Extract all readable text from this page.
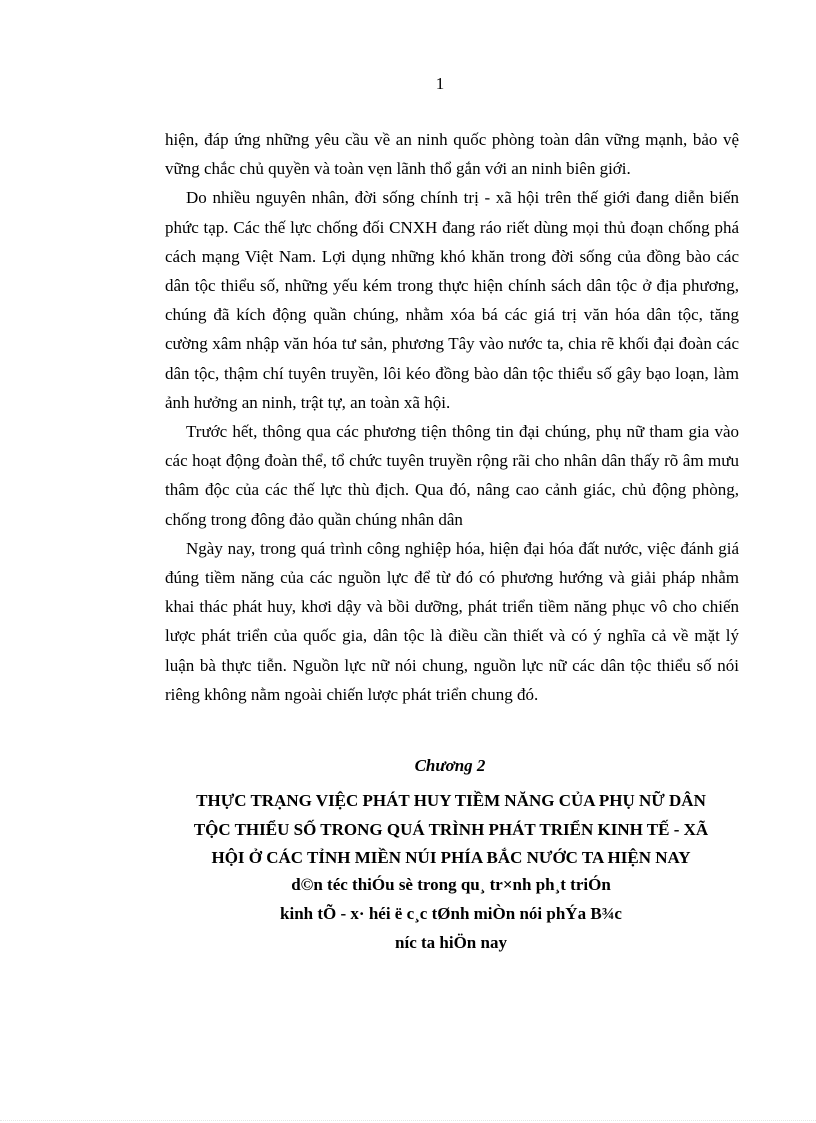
1

hiện, đáp ứng những yêu cầu về an ninh quốc phòng toàn dân vững mạnh, bảo vệ vững chắc chủ quyền và toàn vẹn lãnh thổ gắn với an ninh biên giới.

Do nhiều nguyên nhân, đời sống chính trị - xã hội trên thế giới đang diễn biến phức tạp. Các thế lực chống đối CNXH đang ráo riết dùng mọi thủ đoạn chống phá cách mạng Việt Nam. Lợi dụng những khó khăn trong đời sống của đồng bào các dân tộc thiểu số, những yếu kém trong thực hiện chính sách dân tộc ở địa phương, chúng đã kích động quần chúng, nhằm xóa bá các giá trị văn hóa dân tộc, tăng cường xâm nhập văn hóa tư sản, phương Tây vào nước ta, chia rẽ khối đại đoàn các dân tộc, thậm chí tuyên truyền, lôi kéo đồng bào dân tộc thiểu số gây bạo loạn, làm ảnh hưởng an ninh, trật tự, an toàn xã hội.

Trước hết, thông qua các phương tiện thông tin đại chúng, phụ nữ tham gia vào các hoạt động đoàn thể, tổ chức tuyên truyền rộng rãi cho nhân dân thấy rõ âm mưu thâm độc của các thế lực thù địch. Qua đó, nâng cao cảnh giác, chủ động phòng, chống trong đông đảo quần chúng nhân dân

Ngày nay, trong quá trình công nghiệp hóa, hiện đại hóa đất nước, việc đánh giá đúng tiềm năng của các nguồn lực để từ đó có phương hướng và giải pháp nhằm khai thác phát huy, khơi dậy và bồi dưỡng, phát triển tiềm năng phục vô cho chiến lược phát triển của quốc gia, dân tộc là điều cần thiết và có ý nghĩa cả về mặt lý luận bà thực tiễn. Nguồn lực nữ nói chung, nguồn lực nữ các dân tộc thiểu số nói riêng không nằm ngoài chiến lược phát triển chung đó.

Chương 2
THỰC TRẠNG VIỆC PHÁT HUY TIỀM NĂNG CỦA PHỤ NỮ DÂN
TỘC THIỂU SỐ TRONG QUÁ TRÌNH PHÁT TRIỂN KINH TẾ - XÃ
HỘI Ở CÁC TỈNH MIỀN NÚI PHÍA BẮC NƯỚC TA HIỆN NAY
d©n téc thiÓu sè trong qu¸ tr×nh ph¸t triÓn
kinh tÕ - x· héi ë c¸c tØnh miÒn nói phÝa B¾c
níc ta hiÖn nay
